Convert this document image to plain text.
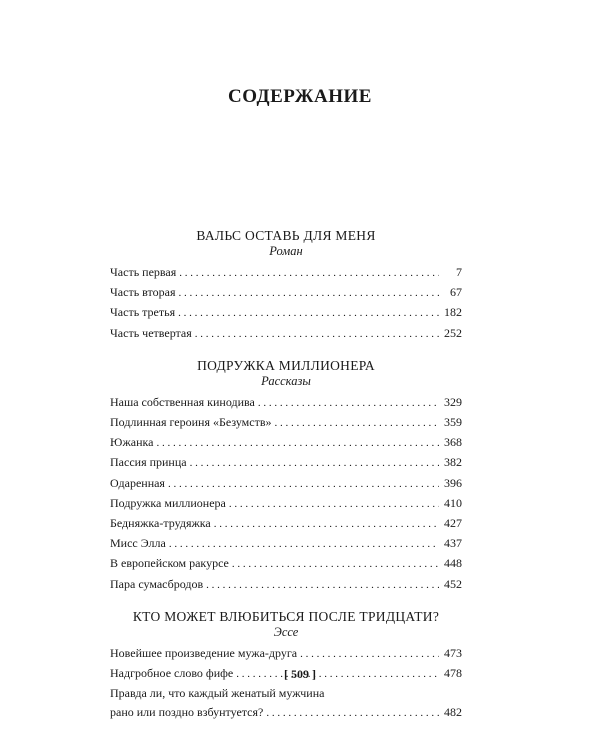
СОДЕРЖАНИЕ
ВАЛЬС ОСТАВЬ ДЛЯ МЕНЯ
Роман
Часть первая . . .	7
Часть вторая . . .	67
Часть третья . . .	182
Часть четвертая . . .	252
ПОДРУЖКА МИЛЛИОНЕРА
Рассказы
Наша собственная кинодива . . .	329
Подлинная героиня «Безумств» . . .	359
Южанка . . .	368
Пассия принца . . .	382
Одаренная . . .	396
Подружка миллионера . . .	410
Бедняжка-трудяжка . . .	427
Мисс Элла . . .	437
В европейском ракурсе . . .	448
Пара сумасбродов . . .	452
КТО МОЖЕТ ВЛЮБИТЬСЯ ПОСЛЕ ТРИДЦАТИ?
Эссе
Новейшее произведение мужа-друга . . .	473
Надгробное слово фифе . . .	478
Правда ли, что каждый женатый мужчина
рано или поздно взбунтуется? . . .	482
[ 509 ]
